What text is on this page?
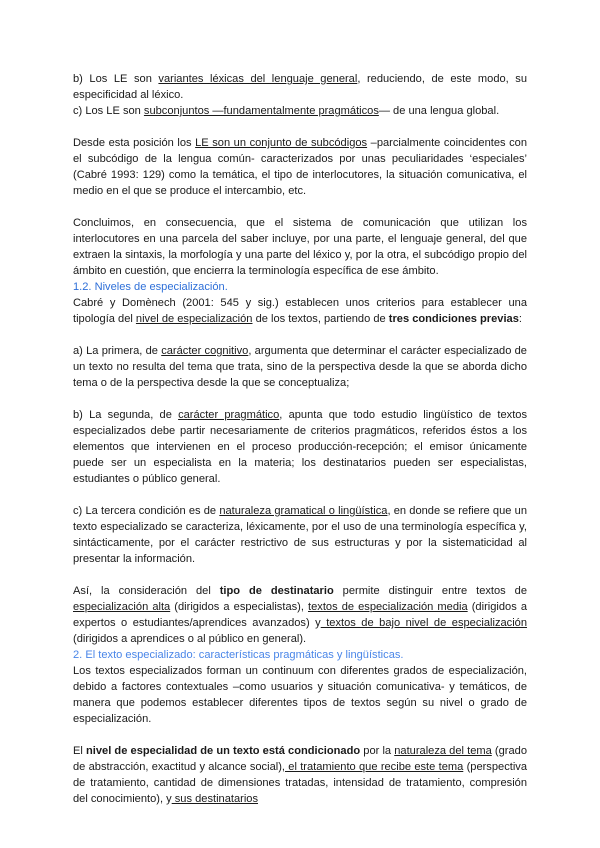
b) Los LE son variantes léxicas del lenguaje general, reduciendo, de este modo, su especificidad al léxico.

c) Los LE son subconjuntos —fundamentalmente pragmáticos— de una lengua global.

Desde esta posición los LE son un conjunto de subcódigos –parcialmente coincidentes con el subcódigo de la lengua común- caracterizados por unas peculiaridades ‘especiales’ (Cabré 1993: 129) como la temática, el tipo de interlocutores, la situación comunicativa, el medio en el que se produce el intercambio, etc.

Concluimos, en consecuencia, que el sistema de comunicación que utilizan los interlocutores en una parcela del saber incluye, por una parte, el lenguaje general, del que extraen la sintaxis, la morfología y una parte del léxico y, por la otra, el subcódigo propio del ámbito en cuestión, que encierra la terminología específica de ese ámbito.

1.2. Niveles de especialización.

Cabré y Domènech (2001: 545 y sig.) establecen unos criterios para establecer una tipología del nivel de especialización de los textos, partiendo de tres condiciones previas:

a) La primera, de carácter cognitivo, argumenta que determinar el carácter especializado de un texto no resulta del tema que trata, sino de la perspectiva desde la que se aborda dicho tema o de la perspectiva desde la que se conceptualiza;

b) La segunda, de carácter pragmático, apunta que todo estudio lingüístico de textos especializados debe partir necesariamente de criterios pragmáticos, referidos éstos a los elementos que intervienen en el proceso producción-recepción; el emisor únicamente puede ser un especialista en la materia; los destinatarios pueden ser especialistas, estudiantes o público general.

c) La tercera condición es de naturaleza gramatical o lingüística, en donde se refiere que un texto especializado se caracteriza, léxicamente, por el uso de una terminología específica y, sintácticamente, por el carácter restrictivo de sus estructuras y por la sistematicidad al presentar la información.

Así, la consideración del tipo de destinatario permite distinguir entre textos de especialización alta (dirigidos a especialistas), textos de especialización media (dirigidos a expertos o estudiantes/aprendices avanzados) y textos de bajo nivel de especialización (dirigidos a aprendices o al público en general).

2. El texto especializado: características pragmáticas y lingüísticas.

Los textos especializados forman un continuum con diferentes grados de especialización, debido a factores contextuales –como usuarios y situación comunicativa- y temáticos, de manera que podemos establecer diferentes tipos de textos según su nivel o grado de especialización.

El nivel de especialidad de un texto está condicionado por la naturaleza del tema (grado de abstracción, exactitud y alcance social), el tratamiento que recibe este tema (perspectiva de tratamiento, cantidad de dimensiones tratadas, intensidad de tratamiento, compresión del conocimiento), y sus destinatarios
